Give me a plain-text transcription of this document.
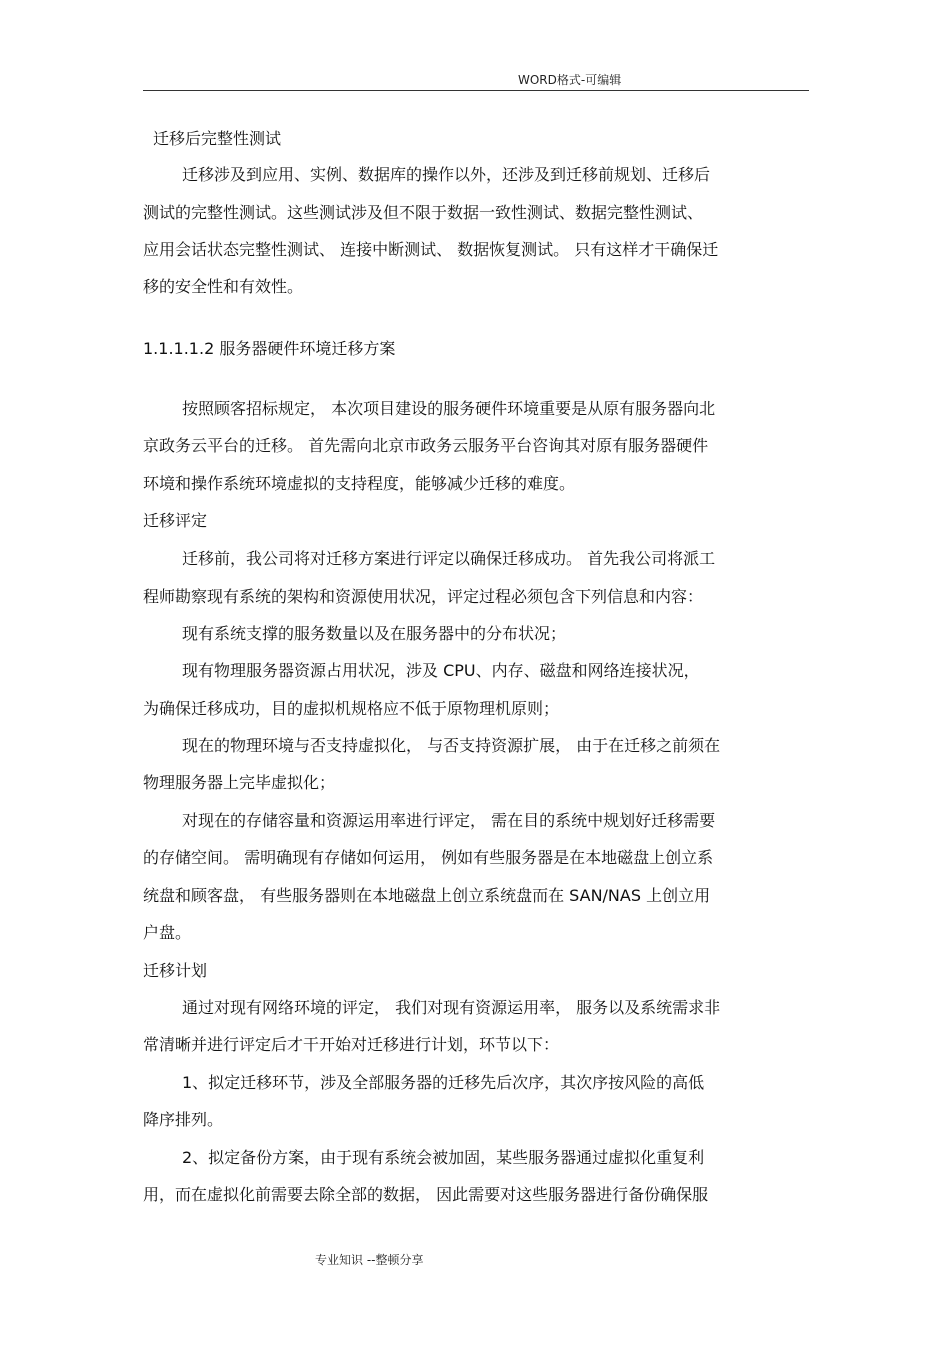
WORD格式-可编辑
迁移后完整性测试
迁移涉及到应用、实例、数据库的操作以外，还涉及到迁移前规划、迁移后
测试的完整性测试。这些测试涉及但不限于数据一致性测试、数据完整性测试、
应用会话状态完整性测试、 连接中断测试、 数据恢复测试。 只有这样才干确保迁
移的安全性和有效性。
1.1.1.1.2 服务器硬件环境迁移方案
按照顾客招标规定， 本次项目建设的服务硬件环境重要是从原有服务器向北
京政务云平台的迁移。 首先需向北京市政务云服务平台咨询其对原有服务器硬件
环境和操作系统环境虚拟的支持程度，能够减少迁移的难度。
迁移评定
迁移前，我公司将对迁移方案进行评定以确保迁移成功。 首先我公司将派工
程师勘察现有系统的架构和资源使用状况，评定过程必须包含下列信息和内容：
现有系统支撑的服务数量以及在服务器中的分布状况；
现有物理服务器资源占用状况，涉及 CPU、内存、磁盘和网络连接状况，
为确保迁移成功，目的虚拟机规格应不低于原物理机原则；
现在的物理环境与否支持虚拟化， 与否支持资源扩展， 由于在迁移之前须在
物理服务器上完毕虚拟化；
对现在的存储容量和资源运用率进行评定， 需在目的系统中规划好迁移需要
的存储空间。 需明确现有存储如何运用， 例如有些服务器是在本地磁盘上创立系
统盘和顾客盘， 有些服务器则在本地磁盘上创立系统盘而在 SAN/NAS 上创立用
户盘。
迁移计划
通过对现有网络环境的评定， 我们对现有资源运用率， 服务以及系统需求非
常清晰并进行评定后才干开始对迁移进行计划，环节以下：
1、拟定迁移环节，涉及全部服务器的迁移先后次序，其次序按风险的高低
降序排列。
2、拟定备份方案，由于现有系统会被加固，某些服务器通过虚拟化重复利
用，而在虚拟化前需要去除全部的数据， 因此需要对这些服务器进行备份确保服
专业知识 --整顿分享
